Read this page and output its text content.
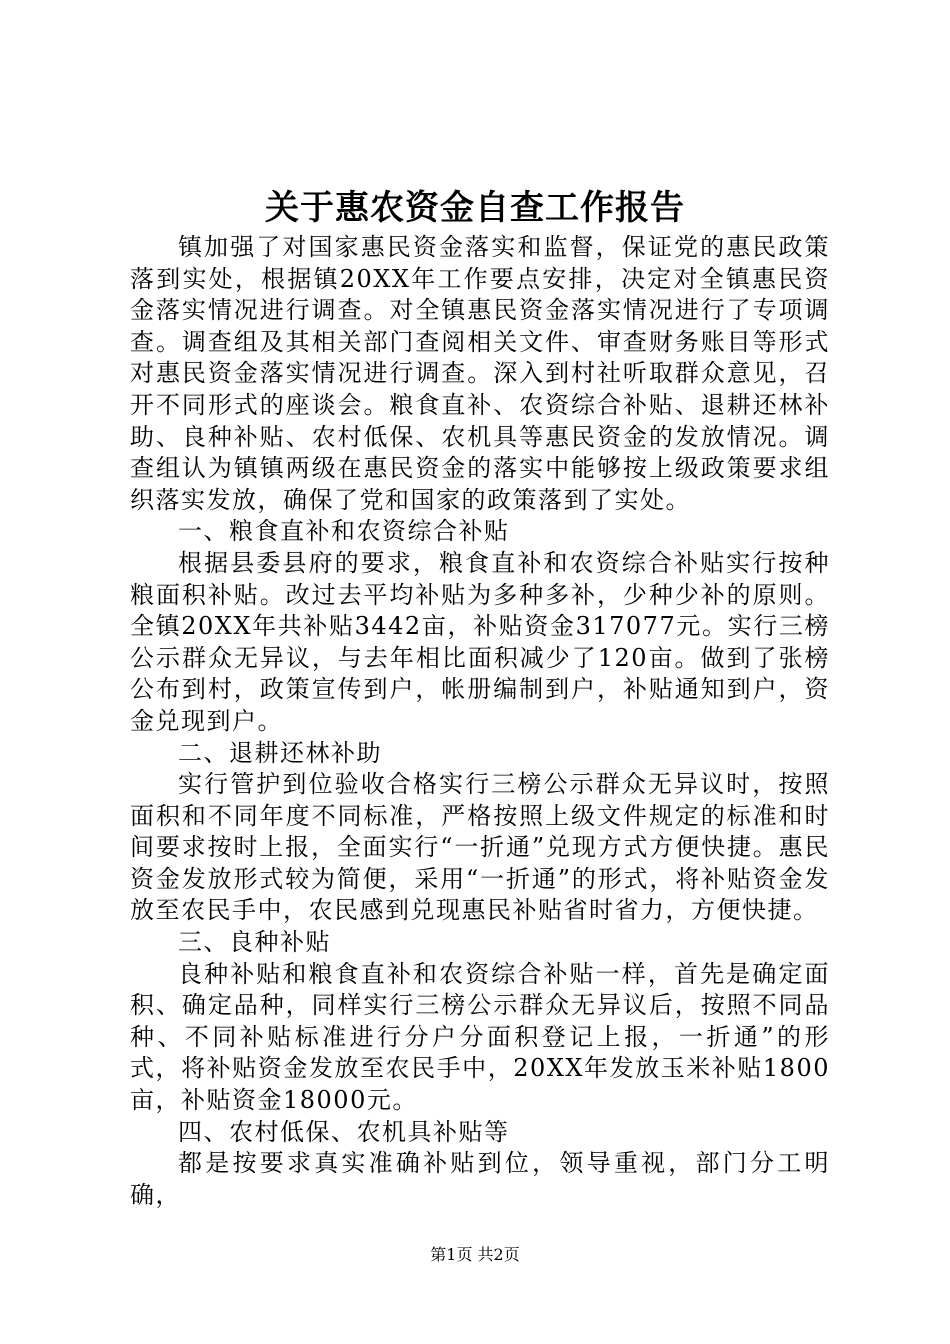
关于惠农资金自查工作报告

镇加强了对国家惠民资金落实和监督，保证党的惠民政策落到实处，根据镇20XX年工作要点安排，决定对全镇惠民资金落实情况进行调查。对全镇惠民资金落实情况进行了专项调查。调查组及其相关部门查阅相关文件、审查财务账目等形式对惠民资金落实情况进行调查。深入到村社听取群众意见，召开不同形式的座谈会。粮食直补、农资综合补贴、退耕还林补助、良种补贴、农村低保、农机具等惠民资金的发放情况。调查组认为镇镇两级在惠民资金的落实中能够按上级政策要求组织落实发放，确保了党和国家的政策落到了实处。

一、粮食直补和农资综合补贴

根据县委县府的要求，粮食直补和农资综合补贴实行按种粮面积补贴。改过去平均补贴为多种多补，少种少补的原则。全镇20XX年共补贴3442亩，补贴资金317077元。实行三榜公示群众无异议，与去年相比面积减少了120亩。做到了张榜公布到村，政策宣传到户，帐册编制到户，补贴通知到户，资金兑现到户。

二、退耕还林补助

实行管护到位验收合格实行三榜公示群众无异议时，按照面积和不同年度不同标准，严格按照上级文件规定的标准和时间要求按时上报，全面实行“一折通”兑现方式方便快捷。惠民资金发放形式较为简便，采用“一折通”的形式，将补贴资金发放至农民手中，农民感到兑现惠民补贴省时省力，方便快捷。

三、良种补贴

良种补贴和粮食直补和农资综合补贴一样，首先是确定面积、确定品种，同样实行三榜公示群众无异议后，按照不同品种、不同补贴标准进行分户分面积登记上报，一折通”的形式，将补贴资金发放至农民手中，20XX年发放玉米补贴1800亩，补贴资金18000元。

四、农村低保、农机具补贴等

都是按要求真实准确补贴到位，领导重视，部门分工明确，

第1页 共2页
